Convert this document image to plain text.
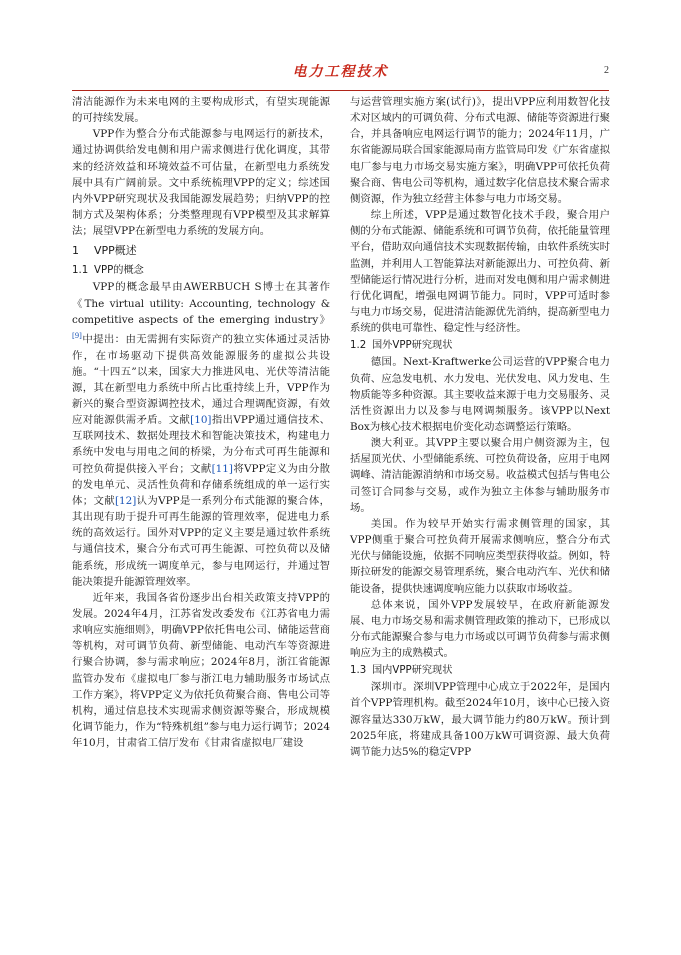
电力工程技术	2

清洁能源作为未来电网的主要构成形式，有望实现能源的可持续发展。

VPP作为整合分布式能源参与电网运行的新技术，通过协调供给发电侧和用户需求侧进行优化调度，其带来的经济效益和环境效益不可估量，在新型电力系统发展中具有广阔前景。文中系统梳理VPP的定义；综述国内外VPP研究现状及我国能源发展趋势；归纳VPP的控制方式及架构体系；分类整理现有VPP模型及其求解算法；展望VPP在新型电力系统的发展方向。

1 VPP概述
1.1 VPP的概念

VPP的概念最早由AWERBUCH S博士在其著作《The virtual utility: Accounting, technology & competitive aspects of the emerging industry》[9]中提出：由无需拥有实际资产的独立实体通过灵活协作，在市场驱动下提供高效能源服务的虚拟公共设施。“十四五”以来，国家大力推进风电、光伏等清洁能源，其在新型电力系统中所占比重持续上升，VPP作为新兴的聚合型资源调控技术，通过合理调配资源，有效应对能源供需矛盾。文献[10]指出VPP通过通信技术、互联网技术、数据处理技术和智能决策技术，构建电力系统中发电与用电之间的桥梁，为分布式可再生能源和可控负荷提供接入平台；文献[11]将VPP定义为由分散的发电单元、灵活性负荷和存储系统组成的单一运行实体；文献[12]认为VPP是一系列分布式能源的聚合体，其出现有助于提升可再生能源的管理效率，促进电力系统的高效运行。国外对VPP的定义主要是通过软件系统与通信技术，聚合分布式可再生能源、可控负荷以及储能系统，形成统一调度单元，参与电网运行，并通过智能决策提升能源管理效率。

近年来，我国各省份逐步出台相关政策支持VPP的发展。2024年4月，江苏省发改委发布《江苏省电力需求响应实施细则》，明确VPP依托售电公司、储能运营商等机构，对可调节负荷、新型储能、电动汽车等资源进行聚合协调，参与需求响应；2024年8月，浙江省能源监管办发布《虚拟电厂参与浙江电力辅助服务市场试点工作方案》，将VPP定义为依托负荷聚合商、售电公司等机构，通过信息技术实现需求侧资源等聚合，形成规模化调节能力，作为“特殊机组”参与电力运行调节；2024年10月，甘肃省工信厅发布《甘肃省虚拟电厂建设

与运营管理实施方案(试行)》，提出VPP应利用数智化技术对区域内的可调负荷、分布式电源、储能等资源进行聚合，并具备响应电网运行调节的能力；2024年11月，广东省能源局联合国家能源局南方监管局印发《广东省虚拟电厂参与电力市场交易实施方案》，明确VPP可依托负荷聚合商、售电公司等机构，通过数字化信息技术聚合需求侧资源，作为独立经营主体参与电力市场交易。

综上所述，VPP是通过数智化技术手段，聚合用户侧的分布式能源、储能系统和可调节负荷，依托能量管理平台，借助双向通信技术实现数据传输，由软件系统实时监测，并利用人工智能算法对新能源出力、可控负荷、新型储能运行情况进行分析，进而对发电侧和用户需求侧进行优化调配，增强电网调节能力。同时，VPP可适时参与电力市场交易，促进清洁能源优先消纳，提高新型电力系统的供电可靠性、稳定性与经济性。

1.2 国外VPP研究现状

德国。Next-Kraftwerke公司运营的VPP聚合电力负荷、应急发电机、水力发电、光伏发电、风力发电、生物质能等多种资源。其主要收益来源于电力交易服务、灵活性资源出力以及参与电网调频服务。该VPP以Next Box为核心技术根据电价变化动态调整运行策略。

澳大利亚。其VPP主要以聚合用户侧资源为主，包括屋顶光伏、小型储能系统、可控负荷设备，应用于电网调峰、清洁能源消纳和市场交易。收益模式包括与售电公司签订合同参与交易，或作为独立主体参与辅助服务市场。

美国。作为较早开始实行需求侧管理的国家，其VPP侧重于聚合可控负荷开展需求侧响应，整合分布式光伏与储能设施，依据不同响应类型获得收益。例如，特斯拉研发的能源交易管理系统，聚合电动汽车、光伏和储能设备，提供快速调度响应能力以获取市场收益。

总体来说，国外VPP发展较早，在政府新能源发展、电力市场交易和需求侧管理政策的推动下，已形成以分布式能源聚合参与电力市场或以可调节负荷参与需求侧响应为主的成熟模式。

1.3 国内VPP研究现状

深圳市。深圳VPP管理中心成立于2022年，是国内首个VPP管理机构。截至2024年10月，该中心已接入资源容量达330万kW，最大调节能力约80万kW。预计到2025年底，将建成具备100万kW可调资源、最大负荷调节能力达5%的稳定VPP
